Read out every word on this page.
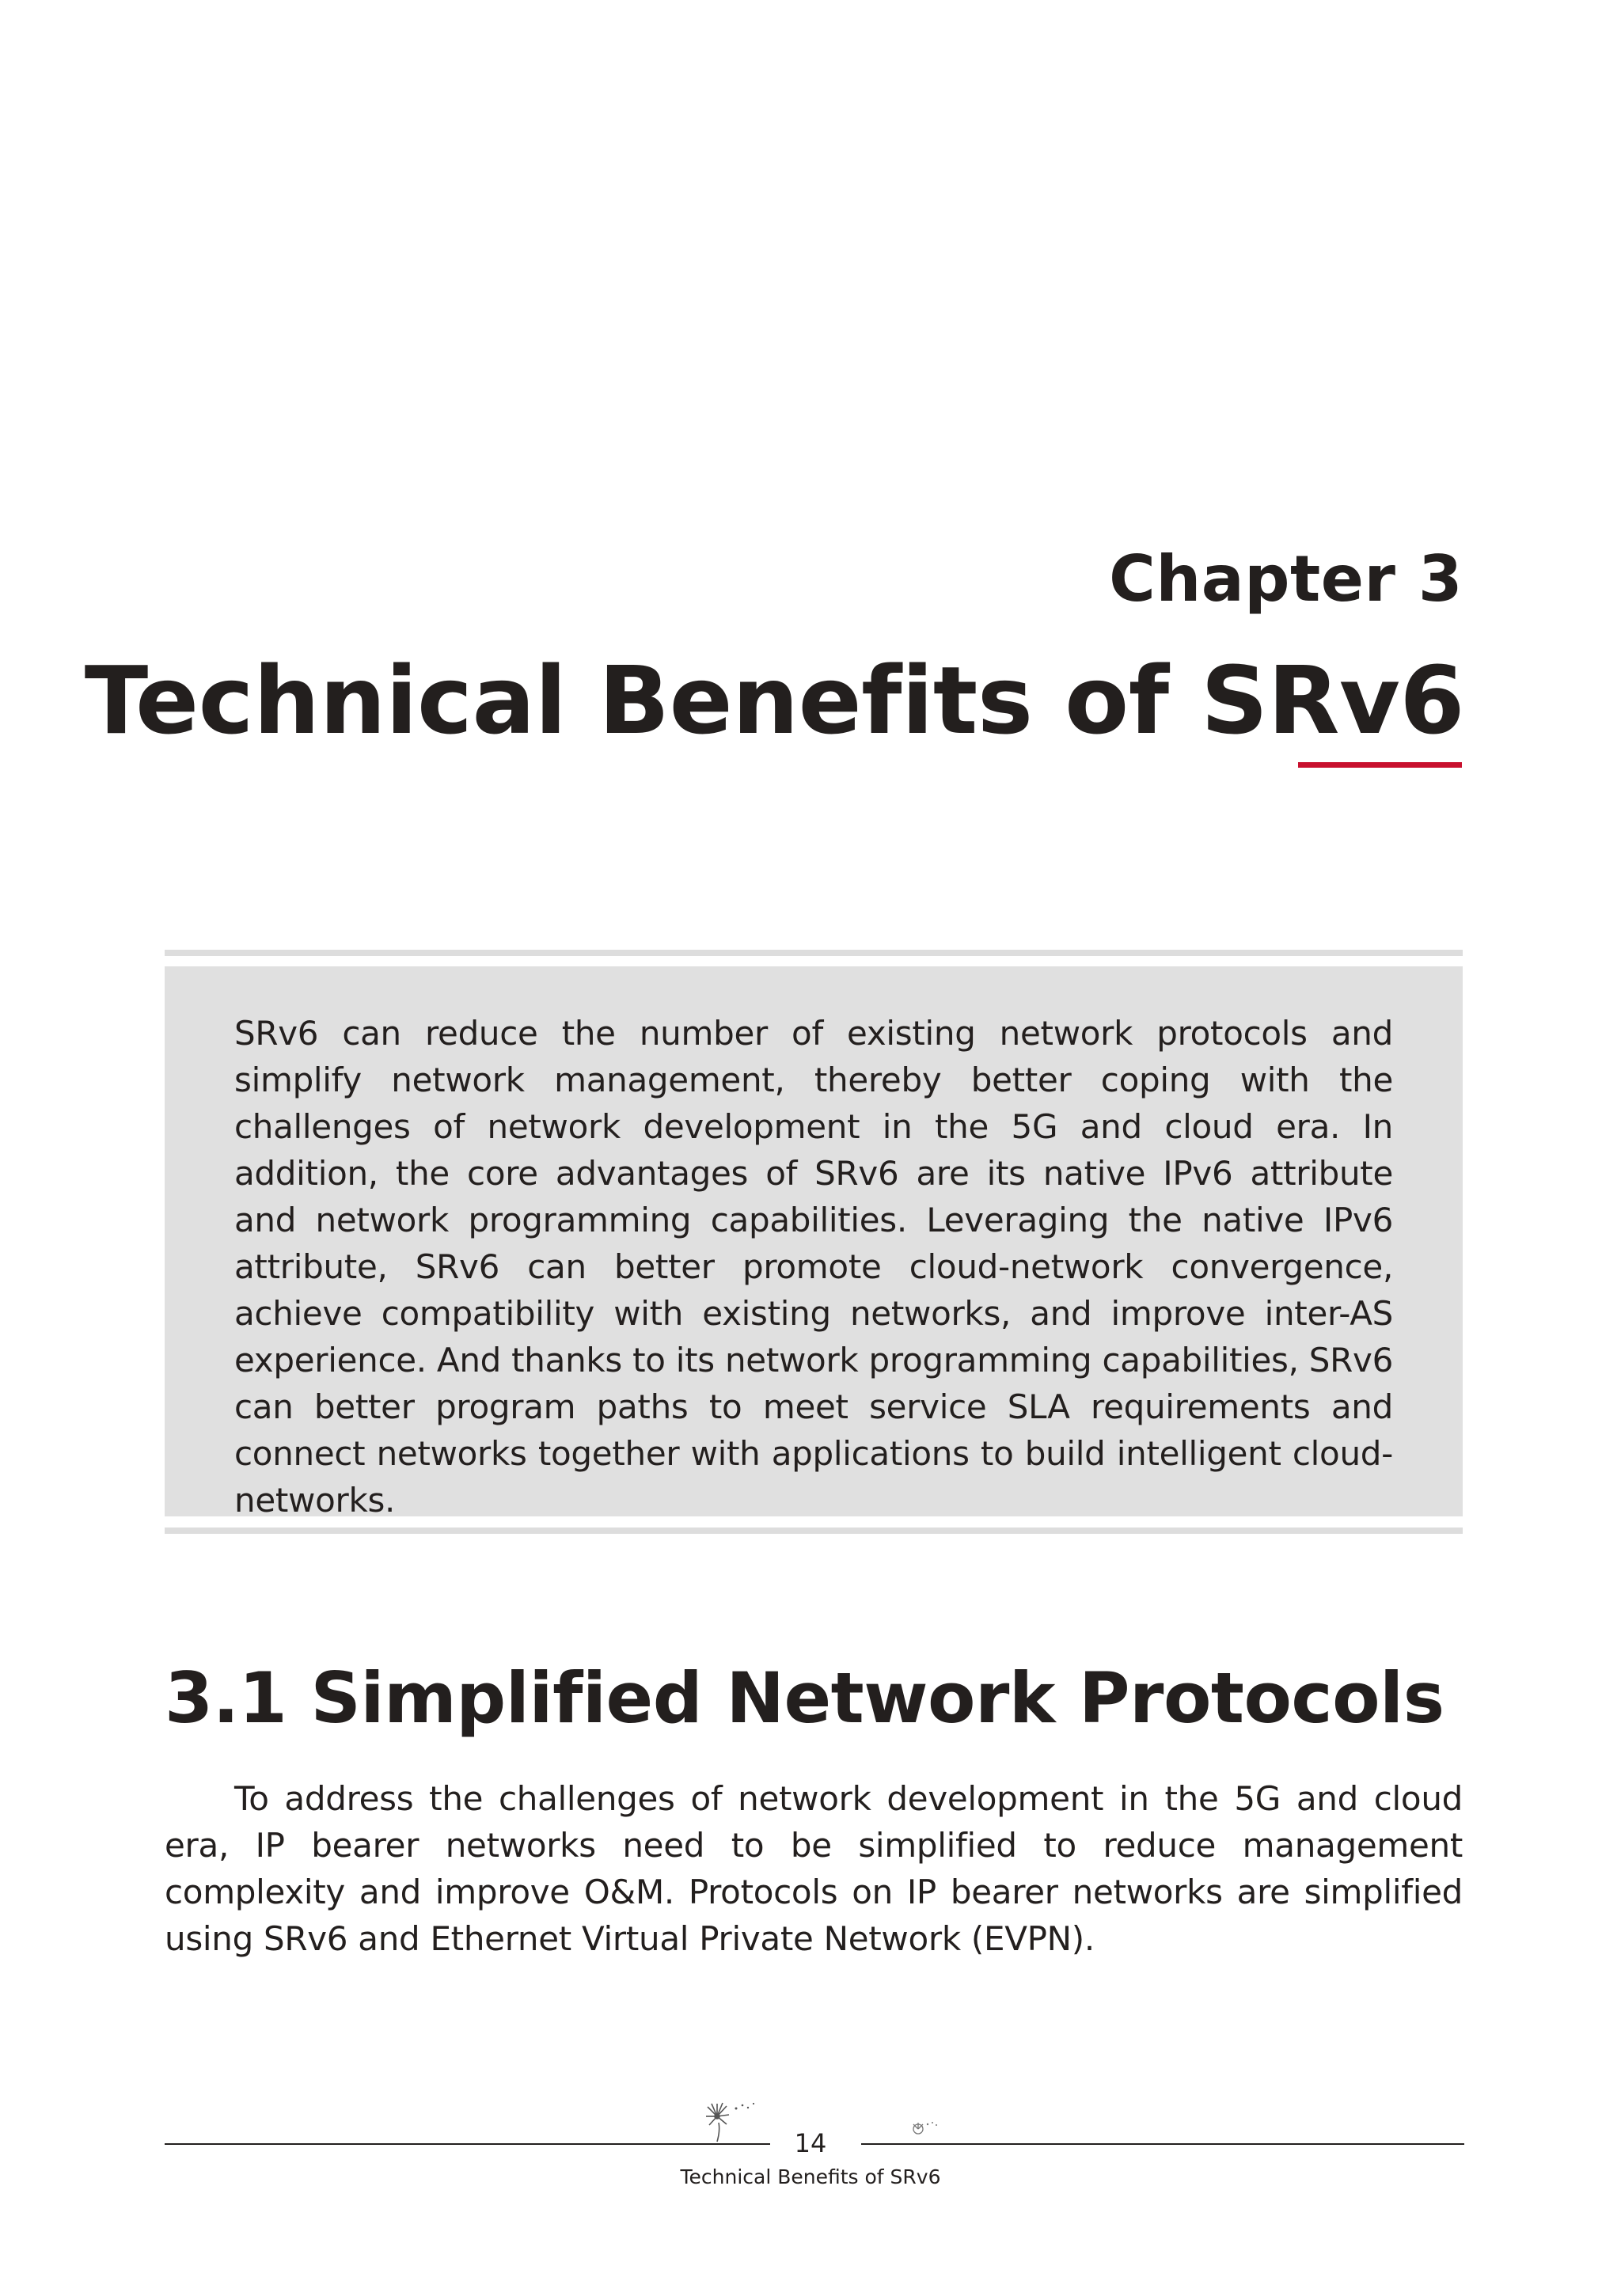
Chapter 3
Technical Benefits of SRv6

SRv6 can reduce the number of existing network protocols and simplify network management, thereby better coping with the challenges of network development in the 5G and cloud era. In addition, the core advantages of SRv6 are its native IPv6 attribute and network programming capabilities. Leveraging the native IPv6 attribute, SRv6 can better promote cloud-network convergence, achieve compatibility with existing networks, and improve inter-AS experience. And thanks to its network programming capabilities, SRv6 can better program paths to meet service SLA requirements and connect networks together with applications to build intelligent cloud-networks.

3.1 Simplified Network Protocols

To address the challenges of network development in the 5G and cloud era, IP bearer networks need to be simplified to reduce management complexity and improve O&M. Protocols on IP bearer networks are simplified using SRv6 and Ethernet Virtual Private Network (EVPN).

14
Technical Benefits of SRv6
